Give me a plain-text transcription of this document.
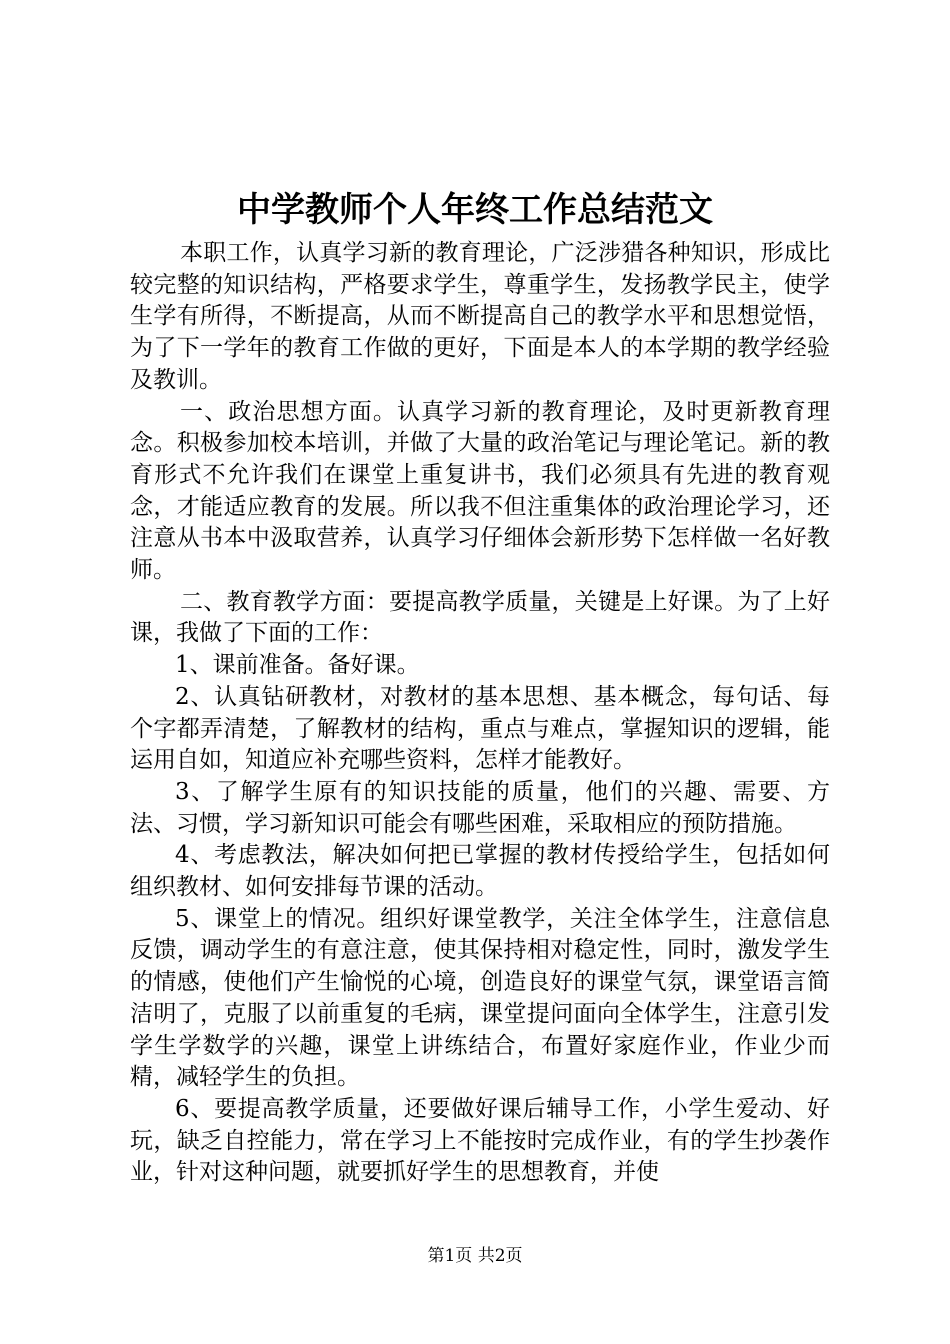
中学教师个人年终工作总结范文

本职工作，认真学习新的教育理论，广泛涉猎各种知识，形成比较完整的知识结构，严格要求学生，尊重学生，发扬教学民主，使学生学有所得，不断提高，从而不断提高自己的教学水平和思想觉悟，为了下一学年的教育工作做的更好，下面是本人的本学期的教学经验及教训。

一、政治思想方面。认真学习新的教育理论，及时更新教育理念。积极参加校本培训，并做了大量的政治笔记与理论笔记。新的教育形式不允许我们在课堂上重复讲书，我们必须具有先进的教育观念，才能适应教育的发展。所以我不但注重集体的政治理论学习，还注意从书本中汲取营养，认真学习仔细体会新形势下怎样做一名好教师。

二、教育教学方面：要提高教学质量，关键是上好课。为了上好课，我做了下面的工作：

1、课前准备。备好课。

2、认真钻研教材，对教材的基本思想、基本概念，每句话、每个字都弄清楚，了解教材的结构，重点与难点，掌握知识的逻辑，能运用自如，知道应补充哪些资料，怎样才能教好。

3、了解学生原有的知识技能的质量，他们的兴趣、需要、方法、习惯，学习新知识可能会有哪些困难，采取相应的预防措施。

4、考虑教法，解决如何把已掌握的教材传授给学生，包括如何组织教材、如何安排每节课的活动。

5、课堂上的情况。组织好课堂教学，关注全体学生，注意信息反馈，调动学生的有意注意，使其保持相对稳定性，同时，激发学生的情感，使他们产生愉悦的心境，创造良好的课堂气氛，课堂语言简洁明了，克服了以前重复的毛病，课堂提问面向全体学生，注意引发学生学数学的兴趣，课堂上讲练结合，布置好家庭作业，作业少而精，减轻学生的负担。

6、要提高教学质量，还要做好课后辅导工作，小学生爱动、好玩，缺乏自控能力，常在学习上不能按时完成作业，有的学生抄袭作业，针对这种问题，就要抓好学生的思想教育，并使

第1页 共2页
